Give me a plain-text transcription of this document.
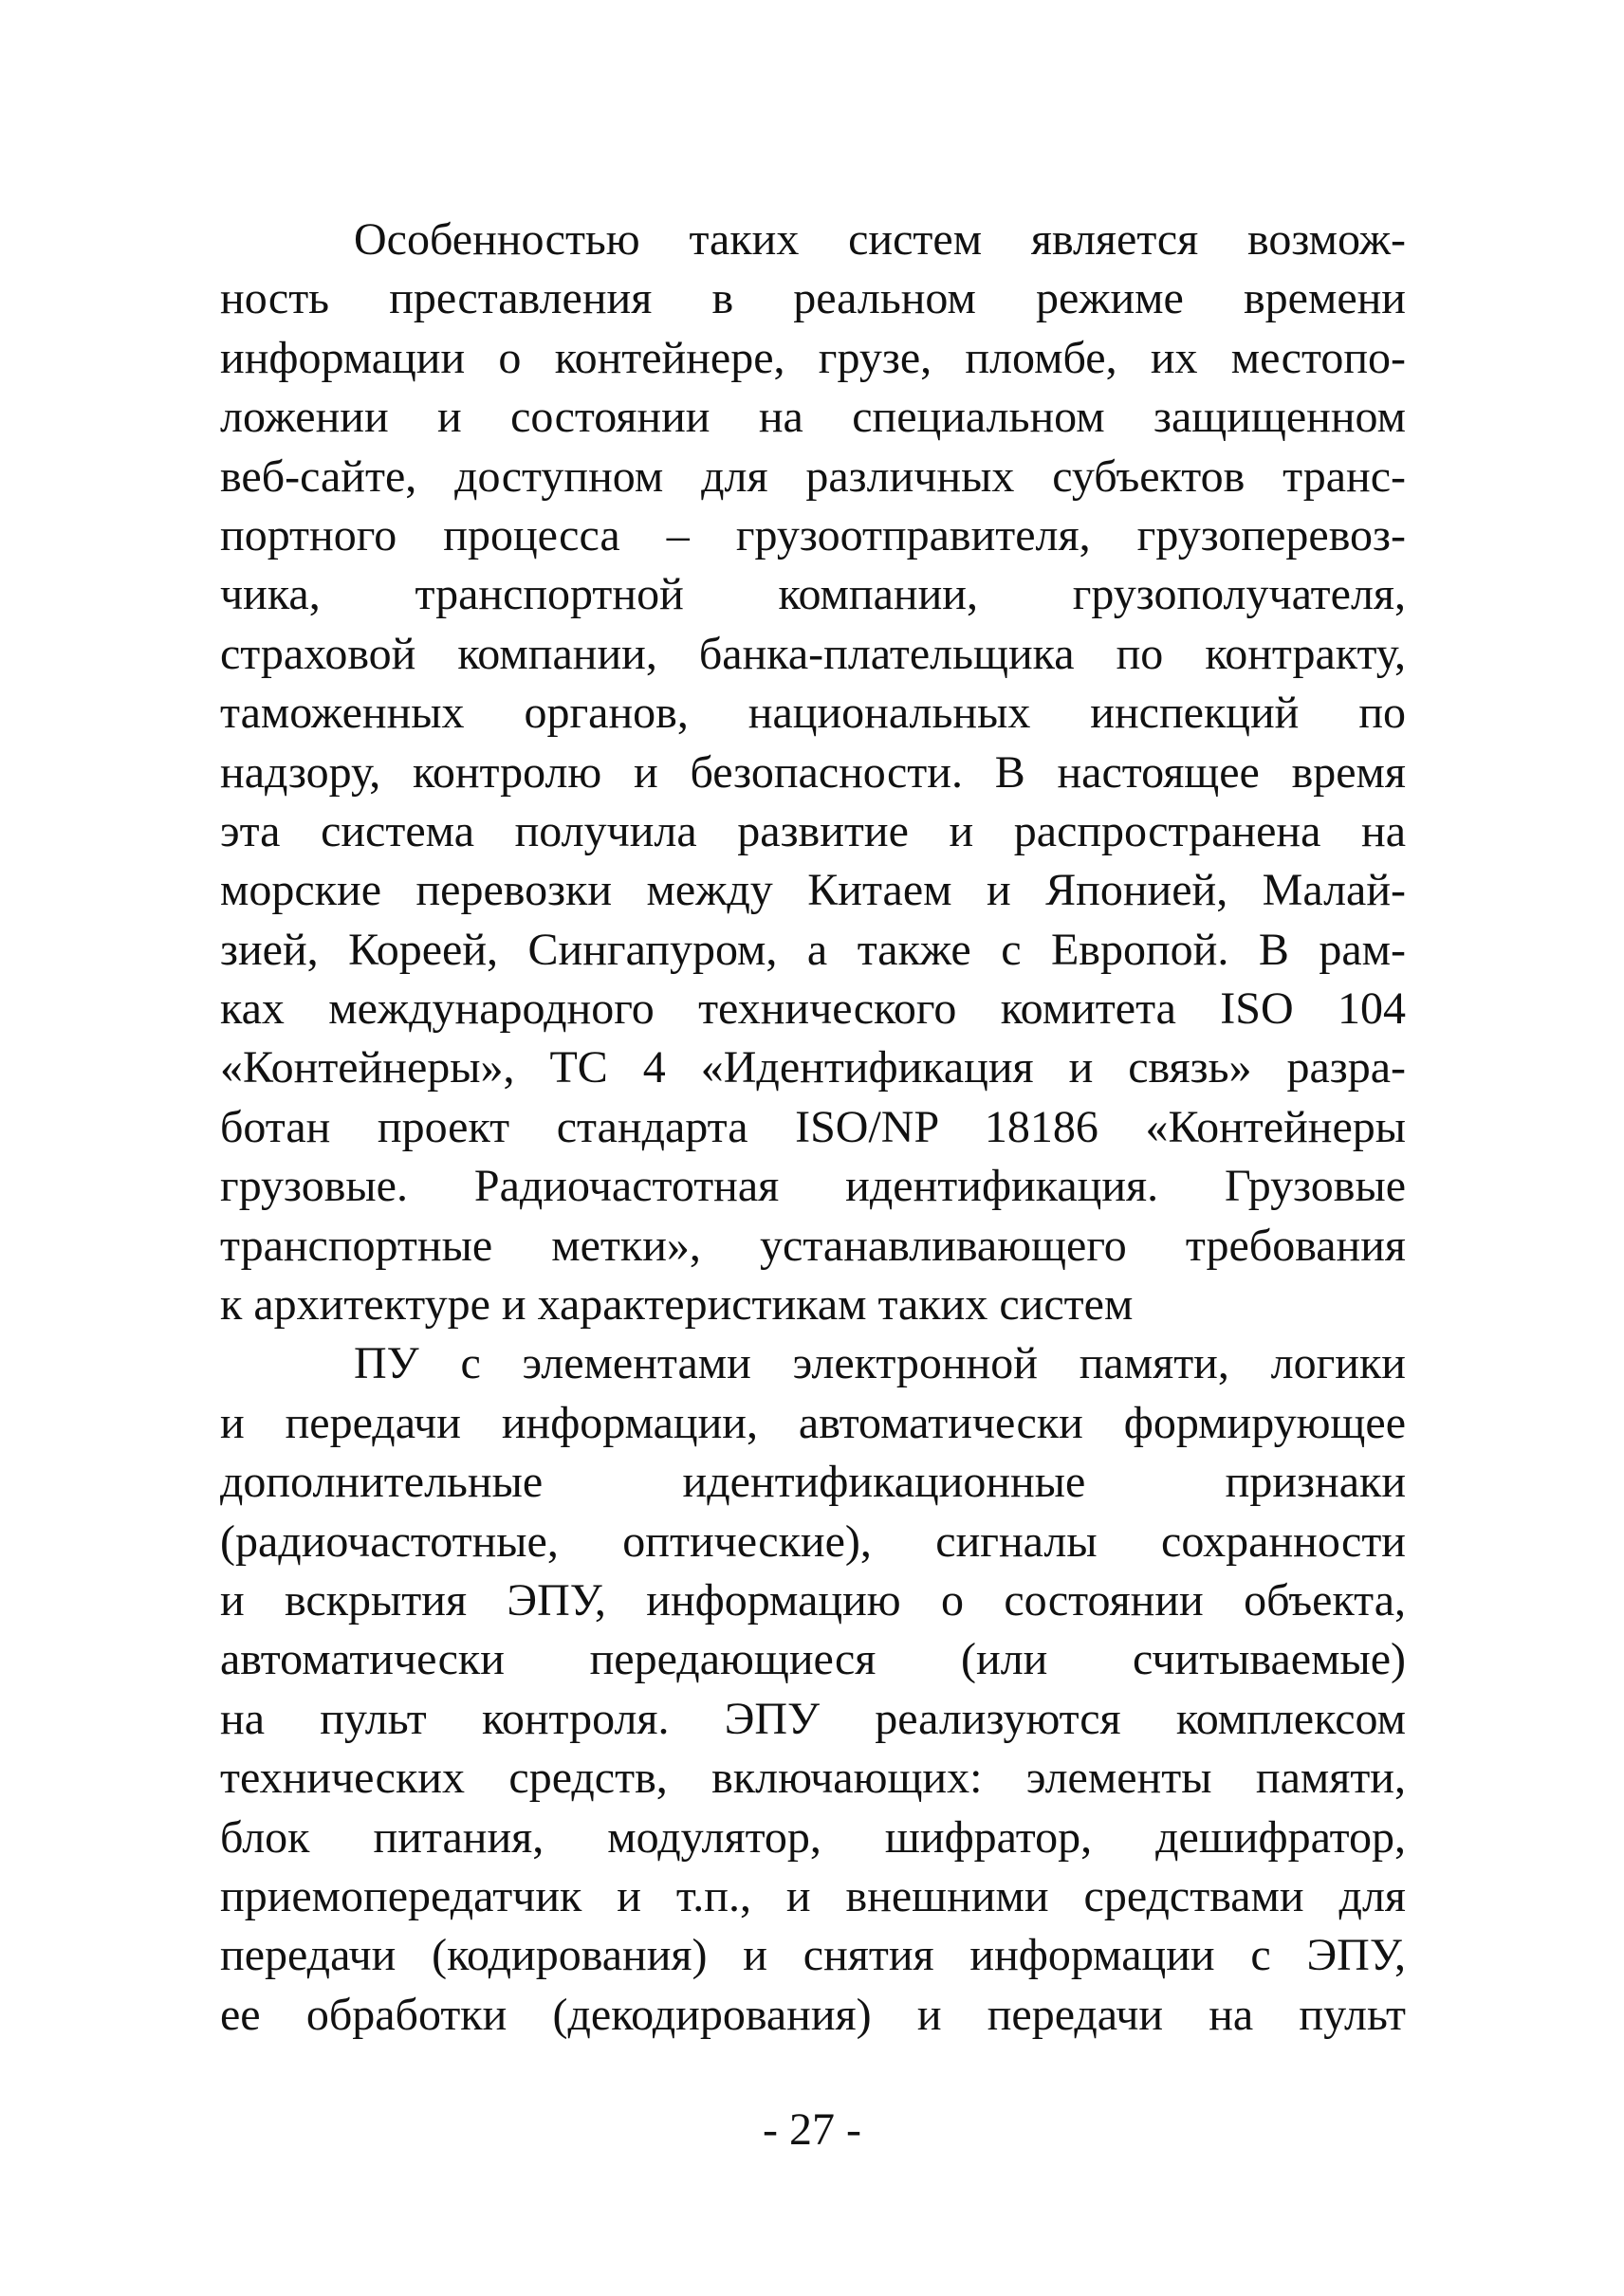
Особенностью таких систем является возмож-
ность преставления в реальном режиме времени
информации о контейнере, грузе, пломбе, их местопо-
ложении и состоянии на специальном защищенном
веб-сайте, доступном для различных субъектов транс-
портного процесса – грузоотправителя, грузоперевоз-
чика, транспортной компании, грузополучателя,
страховой компании, банка-плательщика по контракту,
таможенных органов, национальных инспекций по
надзору, контролю и безопасности. В настоящее время
эта система получила развитие и распространена на
морские перевозки между Китаем и Японией, Малай-
зией, Кореей, Сингапуром, а также с Европой. В рам-
ках международного технического комитета ISO 104
«Контейнеры», TC 4 «Идентификация и связь» разра-
ботан проект стандарта ISO/NP 18186 «Контейнеры
грузовые. Радиочастотная идентификация. Грузовые
транспортные метки», устанавливающего требования
к архитектуре и характеристикам таких систем
ПУ с элементами электронной памяти, логики
и передачи информации, автоматически формирующее
дополнительные идентификационные признаки
(радиочастотные, оптические), сигналы сохранности
и вскрытия ЭПУ, информацию о состоянии объекта,
автоматически передающиеся (или считываемые)
на пульт контроля. ЭПУ реализуются комплексом
технических средств, включающих: элементы памяти,
блок питания, модулятор, шифратор, дешифратор,
приемопередатчик и т.п., и внешними средствами для
передачи (кодирования) и снятия информации с ЭПУ,
ее обработки (декодирования) и передачи на пульт
- 27 -
